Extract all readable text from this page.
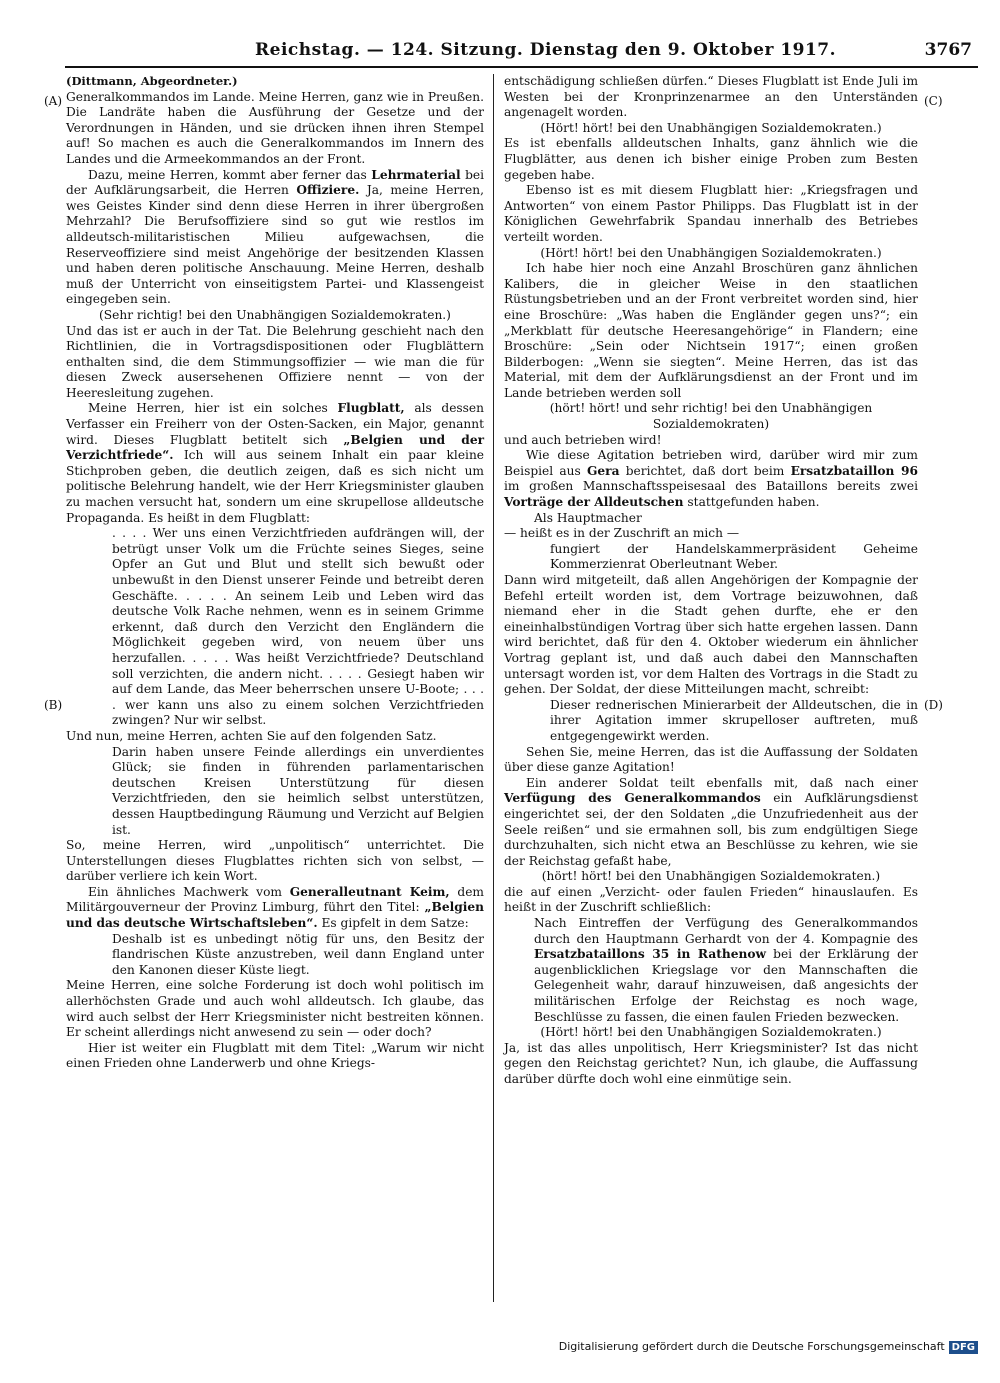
Reichstag. — 124. Sitzung. Dienstag den 9. Oktober 1917.	3767
(A)
(B)
(C)
(D)

(Dittmann, Abgeordneter.)

Generalkommandos im Lande. Meine Herren, ganz wie in Preußen. Die Landräte haben die Ausführung der Gesetze und der Verordnungen in Händen, und sie drücken ihnen ihren Stempel auf! So machen es auch die Generalkommandos im Innern des Landes und die Armeekommandos an der Front.

Dazu, meine Herren, kommt aber ferner das Lehrmaterial bei der Aufklärungsarbeit, die Herren Offiziere. Ja, meine Herren, wes Geistes Kinder sind denn diese Herren in ihrer übergroßen Mehrzahl? Die Berufsoffiziere sind so gut wie restlos im alldeutsch-militaristischen Milieu aufgewachsen, die Reserveoffiziere sind meist Angehörige der besitzenden Klassen und haben deren politische Anschauung. Meine Herren, deshalb muß der Unterricht von einseitigstem Partei- und Klassengeist eingegeben sein.

(Sehr richtig! bei den Unabhängigen Sozialdemokraten.)

Und das ist er auch in der Tat. Die Belehrung geschieht nach den Richtlinien, die in Vortragsdispositionen oder Flugblättern enthalten sind, die dem Stimmungsoffizier — wie man die für diesen Zweck ausersehenen Offiziere nennt — von der Heeresleitung zugehen.

Meine Herren, hier ist ein solches Flugblatt, als dessen Verfasser ein Freiherr von der Osten-Sacken, ein Major, genannt wird. Dieses Flugblatt betitelt sich „Belgien und der Verzichtfriede“. Ich will aus seinem Inhalt ein paar kleine Stichproben geben, die deutlich zeigen, daß es sich nicht um politische Belehrung handelt, wie der Herr Kriegsminister glauben zu machen versucht hat, sondern um eine skrupellose alldeutsche Propaganda. Es heißt in dem Flugblatt:

. . . . Wer uns einen Verzichtfrieden aufdrängen will, der betrügt unser Volk um die Früchte seines Sieges, seine Opfer an Gut und Blut und stellt sich bewußt oder unbewußt in den Dienst unserer Feinde und betreibt deren Geschäfte. . . . . An seinem Leib und Leben wird das deutsche Volk Rache nehmen, wenn es in seinem Grimme erkennt, daß durch den Verzicht den Engländern die Möglichkeit gegeben wird, von neuem über uns herzufallen. . . . . Was heißt Verzichtfriede? Deutschland soll verzichten, die andern nicht. . . . . Gesiegt haben wir auf dem Lande, das Meer beherrschen unsere U-Boote; . . . . wer kann uns also zu einem solchen Verzichtfrieden zwingen? Nur wir selbst.

Und nun, meine Herren, achten Sie auf den folgenden Satz.

Darin haben unsere Feinde allerdings ein unverdientes Glück; sie finden in führenden parlamentarischen deutschen Kreisen Unterstützung für diesen Verzichtfrieden, den sie heimlich selbst unterstützen, dessen Hauptbedingung Räumung und Verzicht auf Belgien ist.

So, meine Herren, wird „unpolitisch“ unterrichtet. Die Unterstellungen dieses Flugblattes richten sich von selbst, — darüber verliere ich kein Wort.

Ein ähnliches Machwerk vom Generalleutnant Keim, dem Militärgouverneur der Provinz Limburg, führt den Titel: „Belgien und das deutsche Wirtschaftsleben“. Es gipfelt in dem Satze:

Deshalb ist es unbedingt nötig für uns, den Besitz der flandrischen Küste anzustreben, weil dann England unter den Kanonen dieser Küste liegt.

Meine Herren, eine solche Forderung ist doch wohl politisch im allerhöchsten Grade und auch wohl alldeutsch. Ich glaube, das wird auch selbst der Herr Kriegsminister nicht bestreiten können. Er scheint allerdings nicht anwesend zu sein — oder doch?

Hier ist weiter ein Flugblatt mit dem Titel: „Warum wir nicht einen Frieden ohne Landerwerb und ohne Kriegs-

entschädigung schließen dürfen.“ Dieses Flugblatt ist Ende Juli im Westen bei der Kronprinzenarmee an den Unterständen angenagelt worden.

(Hört! hört! bei den Unabhängigen Sozialdemokraten.)

Es ist ebenfalls alldeutschen Inhalts, ganz ähnlich wie die Flugblätter, aus denen ich bisher einige Proben zum Besten gegeben habe.

Ebenso ist es mit diesem Flugblatt hier: „Kriegsfragen und Antworten“ von einem Pastor Philipps. Das Flugblatt ist in der Königlichen Gewehrfabrik Spandau innerhalb des Betriebes verteilt worden.

(Hört! hört! bei den Unabhängigen Sozialdemokraten.)

Ich habe hier noch eine Anzahl Broschüren ganz ähnlichen Kalibers, die in gleicher Weise in den staatlichen Rüstungsbetrieben und an der Front verbreitet worden sind, hier eine Broschüre: „Was haben die Engländer gegen uns?“; ein „Merkblatt für deutsche Heeresangehörige“ in Flandern; eine Broschüre: „Sein oder Nichtsein 1917“; einen großen Bilderbogen: „Wenn sie siegten“. Meine Herren, das ist das Material, mit dem der Aufklärungsdienst an der Front und im Lande betrieben werden soll

(hört! hört! und sehr richtig! bei den Unabhängigen Sozialdemokraten)

und auch betrieben wird!

Wie diese Agitation betrieben wird, darüber wird mir zum Beispiel aus Gera berichtet, daß dort beim Ersatzbataillon 96 im großen Mannschaftsspeisesaal des Bataillons bereits zwei Vorträge der Alldeutschen stattgefunden haben.

Als Hauptmacher

— heißt es in der Zuschrift an mich —

fungiert der Handelskammerpräsident Geheime Kommerzienrat Oberleutnant Weber.

Dann wird mitgeteilt, daß allen Angehörigen der Kompagnie der Befehl erteilt worden ist, dem Vortrage beizuwohnen, daß niemand eher in die Stadt gehen durfte, ehe er den eineinhalbstündigen Vortrag über sich hatte ergehen lassen. Dann wird berichtet, daß für den 4. Oktober wiederum ein ähnlicher Vortrag geplant ist, und daß auch dabei den Mannschaften untersagt worden ist, vor dem Halten des Vortrags in die Stadt zu gehen. Der Soldat, der diese Mitteilungen macht, schreibt:

Dieser rednerischen Minierarbeit der Alldeutschen, die in ihrer Agitation immer skrupelloser auftreten, muß entgegengewirkt werden.

Sehen Sie, meine Herren, das ist die Auffassung der Soldaten über diese ganze Agitation!

Ein anderer Soldat teilt ebenfalls mit, daß nach einer Verfügung des Generalkommandos ein Aufklärungsdienst eingerichtet sei, der den Soldaten „die Unzufriedenheit aus der Seele reißen“ und sie ermahnen soll, bis zum endgültigen Siege durchzuhalten, sich nicht etwa an Beschlüsse zu kehren, wie sie der Reichstag gefaßt habe,

(hört! hört! bei den Unabhängigen Sozialdemokraten.)

die auf einen „Verzicht- oder faulen Frieden“ hinauslaufen. Es heißt in der Zuschrift schließlich:

Nach Eintreffen der Verfügung des Generalkommandos durch den Hauptmann Gerhardt von der 4. Kompagnie des Ersatzbataillons 35 in Rathenow bei der Erklärung der augenblicklichen Kriegslage vor den Mannschaften die Gelegenheit wahr, darauf hinzuweisen, daß angesichts der militärischen Erfolge der Reichstag es noch wage, Beschlüsse zu fassen, die einen faulen Frieden bezwecken.

(Hört! hört! bei den Unabhängigen Sozialdemokraten.)

Ja, ist das alles unpolitisch, Herr Kriegsminister? Ist das nicht gegen den Reichstag gerichtet? Nun, ich glaube, die Auffassung darüber dürfte doch wohl eine einmütige sein.

Digitalisierung gefördert durch die Deutsche Forschungsgemeinschaft DFG
